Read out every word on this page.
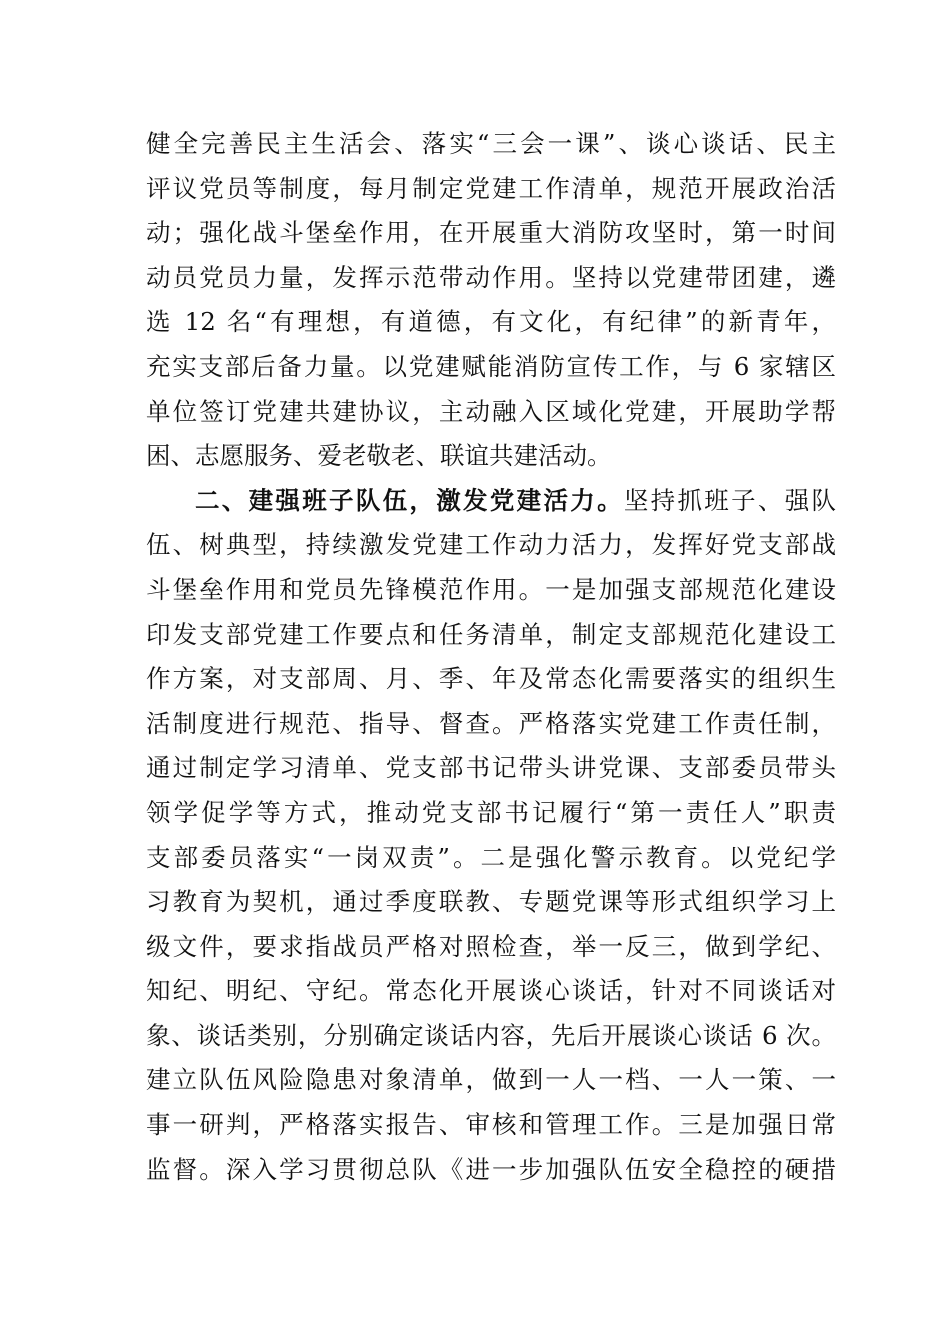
健全完善民主生活会、落实“三会一课”、谈心谈话、民主
评议党员等制度，每月制定党建工作清单，规范开展政治活
动；强化战斗堡垒作用，在开展重大消防攻坚时，第一时间
动员党员力量，发挥示范带动作用。坚持以党建带团建，遴
选 12 名“有理想，有道德，有文化，有纪律”的新青年，
充实支部后备力量。以党建赋能消防宣传工作，与 6 家辖区
单位签订党建共建协议，主动融入区域化党建，开展助学帮
困、志愿服务、爱老敬老、联谊共建活动。
二、建强班子队伍，激发党建活力。坚持抓班子、强队
伍、树典型，持续激发党建工作动力活力，发挥好党支部战
斗堡垒作用和党员先锋模范作用。一是加强支部规范化建设
印发支部党建工作要点和任务清单，制定支部规范化建设工
作方案，对支部周、月、季、年及常态化需要落实的组织生
活制度进行规范、指导、督查。严格落实党建工作责任制，
通过制定学习清单、党支部书记带头讲党课、支部委员带头
领学促学等方式，推动党支部书记履行“第一责任人”职责
支部委员落实“一岗双责”。二是强化警示教育。以党纪学
习教育为契机，通过季度联教、专题党课等形式组织学习上
级文件，要求指战员严格对照检查，举一反三，做到学纪、
知纪、明纪、守纪。常态化开展谈心谈话，针对不同谈话对
象、谈话类别，分别确定谈话内容，先后开展谈心谈话 6 次。
建立队伍风险隐患对象清单，做到一人一档、一人一策、一
事一研判，严格落实报告、审核和管理工作。三是加强日常
监督。深入学习贯彻总队《进一步加强队伍安全稳控的硬措
